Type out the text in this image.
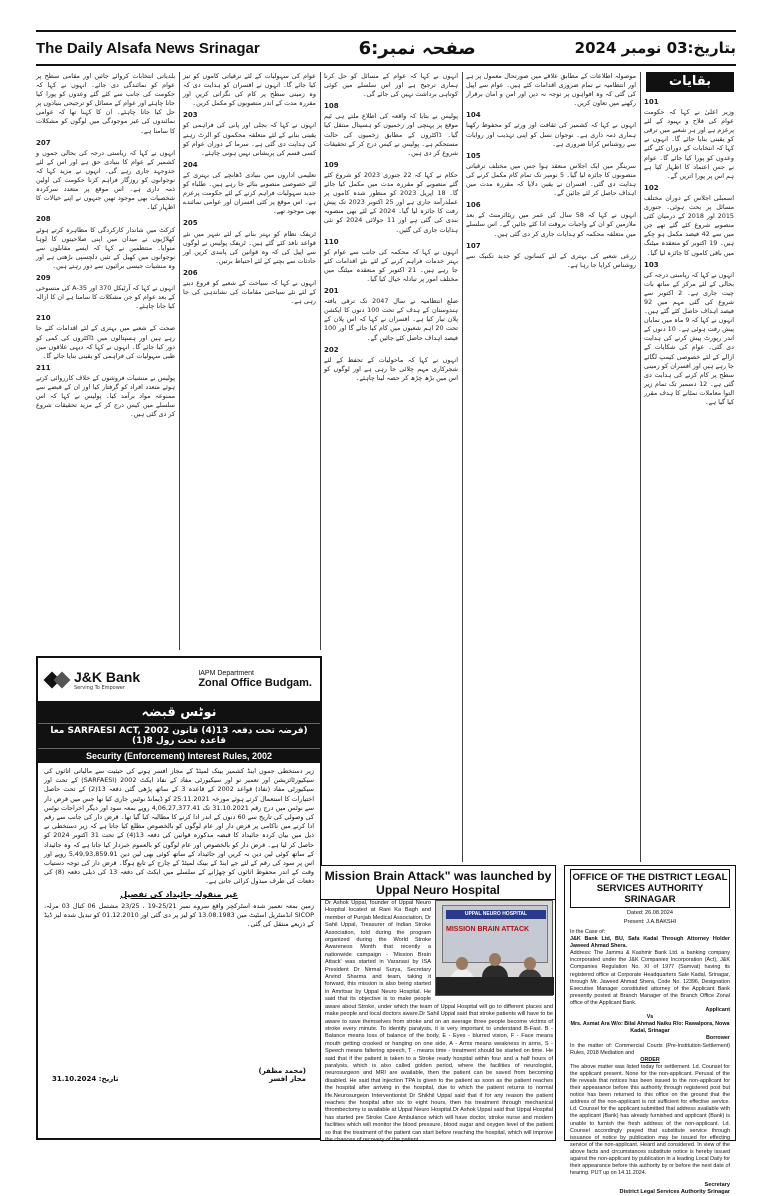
The Daily Alsafa News Srinagar	صفحہ نمبر:6	بتاریخ:03 نومبر 2024
بقایات

بلدیاتی انتخابات کروائے جائیں اور مقامی سطح پر عوام کو نمائندگی دی جائے۔ انہوں نے کہا کہ حکومت کی جانب سے کئے گئے وعدوں کو پورا کیا جانا چاہئے اور عوام کے مسائل کو ترجیحی بنیادوں پر حل کیا جانا چاہئے۔ ان کا کہنا تھا کہ عوامی نمائندوں کی غیر موجودگی میں لوگوں کو مشکلات کا سامنا ہے۔

207

انہوں نے کہا کہ ریاستی درجہ کی بحالی جموں و کشمیر کے عوام کا بنیادی حق ہے اور اس کے لئے جدوجہد جاری رہے گی۔ انہوں نے مزید کہا کہ نوجوانوں کو روزگار فراہم کرنا حکومت کی اولین ذمہ داری ہے۔ اس موقع پر متعدد سرکردہ شخصیات بھی موجود تھیں جنہوں نے اپنے خیالات کا اظہار کیا۔

208

کرکٹ میں شاندار کارکردگی کا مظاہرہ کرتے ہوئے کھلاڑیوں نے میدان میں اپنی صلاحیتوں کا لوہا منوایا۔ منتظمین نے کہا کہ ایسے مقابلوں سے نوجوانوں میں کھیل کے تئیں دلچسپی بڑھتی ہے اور وہ منشیات جیسی برائیوں سے دور رہتے ہیں۔

209

انہوں نے کہا کہ آرٹیکل 370 اور 35-A کی منسوخی کے بعد عوام کو جن مشکلات کا سامنا ہے ان کا ازالہ کیا جانا چاہئے۔

210

صحت کے شعبے میں بہتری کے لئے اقدامات کئے جا رہے ہیں اور ہسپتالوں میں ڈاکٹروں کی کمی کو دور کیا جائے گا۔ انہوں نے کہا کہ دیہی علاقوں میں طبی سہولیات کی فراہمی کو یقینی بنایا جائے گا۔

211

پولیس نے منشیات فروشوں کے خلاف کارروائی کرتے ہوئے متعدد افراد کو گرفتار کیا اور ان کے قبضے سے ممنوعہ مواد برآمد کیا۔ پولیس نے کہا کہ اس سلسلے میں کیس درج کر کے مزید تحقیقات شروع کر دی گئی ہیں۔

عوام کی سہولیات کے لئے ترقیاتی کاموں کو تیز کیا جائے گا۔ انہوں نے افسران کو ہدایت دی کہ وہ زمینی سطح پر کام کی نگرانی کریں اور مقررہ مدت کے اندر منصوبوں کو مکمل کریں۔

203

انہوں نے کہا کہ بجلی اور پانی کی فراہمی کو یقینی بنانے کے لئے متعلقہ محکموں کو الرٹ رہنے کی ہدایت دی گئی ہے۔ سرما کے دوران عوام کو کسی قسم کی پریشانی نہیں ہونی چاہئے۔

204

تعلیمی اداروں میں بنیادی ڈھانچے کی بہتری کے لئے خصوصی منصوبے بنائے جا رہے ہیں۔ طلباء کو جدید سہولیات فراہم کرنے کے لئے حکومت پرعزم ہے۔ اس موقع پر کئی افسران اور عوامی نمائندے بھی موجود تھے۔

205

ٹریفک نظام کو بہتر بنانے کے لئے شہر میں نئے قواعد نافذ کئے گئے ہیں۔ ٹریفک پولیس نے لوگوں سے اپیل کی کہ وہ قوانین کی پابندی کریں اور حادثات سے بچنے کے لئے احتیاط برتیں۔

206

انہوں نے کہا کہ سیاحت کے شعبے کو فروغ دینے کے لئے نئے سیاحتی مقامات کی نشاندہی کی جا رہی ہے۔

انہوں نے کہا کہ عوام کے مسائل کو حل کرنا ہماری ترجیح ہے اور اس سلسلے میں کوئی کوتاہی برداشت نہیں کی جائے گی۔

108

پولیس نے بتایا کہ واقعہ کی اطلاع ملتے ہی ٹیم موقع پر پہنچی اور زخمیوں کو ہسپتال منتقل کیا گیا۔ ڈاکٹروں کے مطابق زخمیوں کی حالت مستحکم ہے۔ پولیس نے کیس درج کر کے تحقیقات شروع کر دی ہیں۔

109

حکام نے کہا کہ 22 جنوری 2023 کو شروع کئے گئے منصوبے کو مقررہ مدت میں مکمل کیا جائے گا۔ 18 اپریل 2023 کو منظور شدہ کاموں پر عملدرآمد جاری ہے اور 25 اکتوبر 2023 تک پیش رفت کا جائزہ لیا گیا۔ 2024 کے لئے بھی منصوبہ بندی کی گئی ہے اور 11 جولائی 2024 کو نئی ہدایات جاری کی گئیں۔

110

انہوں نے کہا کہ محکمہ کی جانب سے عوام کو بہتر خدمات فراہم کرنے کے لئے نئے اقدامات کئے جا رہے ہیں۔ 21 اکتوبر کو منعقدہ میٹنگ میں مختلف امور پر تبادلہ خیال کیا گیا۔

201

ضلع انتظامیہ نے سال 2047 تک ترقی یافتہ ہندوستان کے ہدف کے تحت 100 دنوں کا ایکشن پلان تیار کیا ہے۔ افسران نے کہا کہ اس پلان کے تحت 20 اہم شعبوں میں کام کیا جائے گا اور 100 فیصد اہداف حاصل کئے جائیں گے۔

202

انہوں نے کہا کہ ماحولیات کے تحفظ کے لئے شجرکاری مہم چلائی جا رہی ہے اور لوگوں کو اس میں بڑھ چڑھ کر حصہ لینا چاہئے۔

موصولہ اطلاعات کے مطابق علاقے میں صورتحال معمول پر ہے اور انتظامیہ نے تمام ضروری اقدامات کئے ہیں۔ عوام سے اپیل کی گئی کہ وہ افواہوں پر توجہ نہ دیں اور امن و امان برقرار رکھنے میں تعاون کریں۔

104

انہوں نے کہا کہ کشمیر کی ثقافت اور ورثے کو محفوظ رکھنا ہماری ذمہ داری ہے۔ نوجوان نسل کو اپنی تہذیب اور روایات سے روشناس کرانا ضروری ہے۔

105

سرینگر میں ایک اجلاس منعقد ہوا جس میں مختلف ترقیاتی منصوبوں کا جائزہ لیا گیا۔ 5 نومبر تک تمام کام مکمل کرنے کی ہدایت دی گئی۔ افسران نے یقین دلایا کہ مقررہ مدت میں اہداف حاصل کر لئے جائیں گے۔

106

انہوں نے کہا کہ 58 سال کی عمر میں ریٹائرمنٹ کے بعد ملازمین کو ان کے واجبات بروقت ادا کئے جائیں گے۔ اس سلسلے میں متعلقہ محکمہ کو ہدایات جاری کر دی گئی ہیں۔

107

زرعی شعبے کی بہتری کے لئے کسانوں کو جدید تکنیک سے روشناس کرایا جا رہا ہے۔

101

وزیر اعلیٰ نے کہا کہ حکومت عوام کی فلاح و بہبود کے لئے پرعزم ہے اور ہر شعبے میں ترقی کو یقینی بنایا جائے گا۔ انہوں نے کہا کہ انتخابات کے دوران کئے گئے وعدوں کو پورا کیا جائے گا۔ عوام نے جس اعتماد کا اظہار کیا ہے ہم اس پر پورا اتریں گے۔

102

اسمبلی اجلاس کے دوران مختلف مسائل پر بحث ہوئی۔ جنوری 2015 اور 2018 کے درمیان کئی منصوبے شروع کئے گئے تھے جن میں سے 42 فیصد مکمل ہو چکے ہیں۔ 19 اکتوبر کو منعقدہ میٹنگ میں باقی کاموں کا جائزہ لیا گیا۔

103

انہوں نے کہا کہ ریاستی درجہ کی بحالی کے لئے مرکز کے ساتھ بات چیت جاری ہے۔ 2 اکتوبر سے شروع کی گئی مہم میں 92 فیصد اہداف حاصل کئے گئے ہیں۔ انہوں نے کہا کہ 9 ماہ میں نمایاں پیش رفت ہوئی ہے۔ 10 دنوں کے اندر رپورٹ پیش کرنے کی ہدایت دی گئی۔ عوام کی شکایات کے ازالے کے لئے خصوصی کیمپ لگائے جا رہے ہیں اور افسران کو زمینی سطح پر کام کرنے کی ہدایت دی گئی ہے۔ 12 دسمبر تک تمام زیر التوا معاملات نمٹانے کا ہدف مقرر کیا گیا ہے۔

J&K Bank
Serving To Empower
IAPM Department
Zonal Office Budgam.
نوٹس قبضہ
(فرضہ تحت دفعہ 13(4) قانون SARFAESI ACT, 2002 معا قاعدہ تحت رول 8(1)
Security (Enforcement) Interest Rules, 2002

زیر دستخطی جموں اینڈ کشمیر بینک لمیٹڈ کے مجاز افسر ہونے کی حیثیت سے مالیاتی اثاثوں کی سیکیورٹائزیشن اور تعمیر نو اور سیکیورٹی مفاد کے نفاذ ایکٹ 2002 (SARFAESI) کے تحت اور سیکیورٹی مفاد (نفاذ) قواعد 2002 کے قاعدہ 3 کے ساتھ پڑھی گئی دفعہ 13(2) کے تحت حاصل اختیارات کا استعمال کرتے ہوئے مورخہ 25.11.2021 کو ڈیمانڈ نوٹس جاری کیا تھا جس میں قرض دار سے نوٹس میں درج رقم 31.10.2021 تک 4,06,27,377.41 روپے بمعہ سود اور دیگر اخراجات نوٹس کی وصولی کی تاریخ سے 60 دنوں کے اندر ادا کرنے کا مطالبہ کیا گیا تھا۔ قرض دار کی جانب سے رقم ادا کرنے میں ناکامی پر قرض دار اور عام لوگوں کو بالخصوص مطلع کیا جاتا ہے کہ زیر دستخطی نے ذیل میں بیان کردہ جائیداد کا قبضہ مذکورہ قوانین کی دفعہ 13(4) کے تحت 31 اکتوبر 2024 کو حاصل کر لیا ہے۔ قرض دار کو بالخصوص اور عام لوگوں کو بالعموم خبردار کیا جاتا ہے کہ وہ جائیداد کے ساتھ کوئی لین دین نہ کریں اور جائیداد کے ساتھ کوئی بھی لین دین 5,49,93,859.91 روپے اور اس پر سود کی رقم کے لئے جے اینڈ کے بینک لمیٹڈ کے چارج کے تابع ہوگا۔ قرض دار کی توجہ دستیاب وقت کے اندر محفوظ اثاثوں کو چھڑانے کے سلسلے میں ایکٹ کی دفعہ 13 کی ذیلی دفعہ (8) کی دفعات کی طرف مبذول کرائی جاتی ہے۔

غیر منقولہ جائیداد کی تفصیل

زمین بمعہ تعمیر شدہ اسٹرکچر واقع سروے نمبر 25/21-19 ، 23/25 مشتمل 06 کنال 03 مرلہ، SICOP انڈسٹریل اسٹیٹ میں 13.08.1983 کو لیز پر دی گئی اور 01.12.2010 کو تبدیل شدہ لیز ڈیڈ کے ذریعے منتقل کی گئی۔

(محمد مظفر)
مجاز افسر
تاریخ: 31.10.2024
Mission Brain Attack" was launched by Uppal Neuro Hospital
UPPAL NEURO HOSPITAL
MISSION BRAIN ATTACK
Dr Ashok Uppal, founder of Uppal Neuro Hospital located at Rani Ka Bagh and member of Punjab Medical Association, Dr Sahil Uppal, Treasurer of Indian Stroke Association, told during the program organized during the World Stroke Awareness Month that recently a nationwide campaign - 'Mission Brain Attack' was started in Varanasi by ISA President Dr Nirmal Surya, Secretary Arvind Sharma and team, taking it forward, this mission is also being started in Amritsar by Uppal Neuro Hospital. He said that its objective is to make people aware about Stroke, under which the team of Uppal Hospital will go to different places and make people and local doctors aware.Dr Sahil Uppal said that stroke patients will have to be aware to save themselves from stroke and on an average three people become victims of stroke every minute. To identify paralysis, it is very important to understand B-Fast. B - Balance means loss of balance of the body, E - Eyes - blurred vision, F - Face means mouth getting crooked or hanging on one side, A - Arms means weakness in arms, S - Speech means faltering speech, T - means time - treatment should be started on time. He said that if the patient is taken to a Stroke ready hospital within four and a half hours of paralysis, which is also called golden period, where the facilities of neurologist, neurosurgeon and MRI are available, then the patient can be saved from becoming disabled. He said that injection TPA is given to the patient as soon as the patient reaches the hospital after arriving in the hospital, due to which the patient returns to normal life.Neurosurgeon Interventionist Dr Shikhil Uppal said that if for any reason the patient reaches the hospital after six to eight hours, then his treatment through mechanical thrombectomy is available at Uppal Neuro Hospital.Dr Ashok Uppal said that Uppal Hospital has started pre Stroke Care Ambulance which will have doctor, stroke nurse and modern facilities which will monitor the blood pressure, blood sugar and oxygen level of the patient so that the treatment of the patient can start before reaching the hospital, which will improve the chances of recovery of the patient.
OFFICE OF THE DISTRICT LEGAL SERVICES AUTHORITY SRINAGAR
Dated: 26.08.2024
Present: J.A.BAKSHI
In the Case of:
J&K Bank Ltd, BU, Safa Kadal Through Attorney Holder Jaweed Ahmad Shera.
Address: The Jammu & Kashmir Bank Ltd. a banking company incorporated under the J&K Companies Incorporation (Act), J&K Companies Regulation No. XI of 1977 (Samvat) having its registered office at Corporate Headquarters Sale Kadal, Srinagar, through Mr. Jaweed Ahmad Shera, Code No. 12396, Designation Executive Manager constituted attorney of the Applicant Bank presently posted at Branch Manager of the Branch Office Zonal office of the Applicant Bank.
Applicant
Vs
Mrs. Asmat Ara W/o: Bilal Ahmad Naiku R/o: Rawalpora, Nowa Kadal, Srinagar
Borrower
In the matter of: Commercial Courts (Pre-Institution-Settlement) Rules, 2018 Mediation and
ORDER
The above matter was listed today for settlement. Ld. Counsel for the applicant present. None for the non-applicant. Perusal of the file reveals that notices has been issued to the non-applicant for their appearance before this authority through registered post but notice has been returned to this office on the ground that the address of the non-applicant is not sufficient for effective service. Ld. Counsel for the applicant submitted that address available with the applicant (Bank) has already furnished and applicant (Bank) is unable to furnish the fresh address of the non-applicant. Ld. Counsel accordingly prayed that substitute service through issuance of notice by publication may be issued for effecting service of the non-applicant. Heard and considered. In view of the above facts and circumstances substitute notice is hereby issued against the non-applicant by publication in a leading Local Daily for their appearance before this authority by or before the next date of hearing. PUT up on 14.11.2024.
Secretary
District Legal Services Authority Srinagar
